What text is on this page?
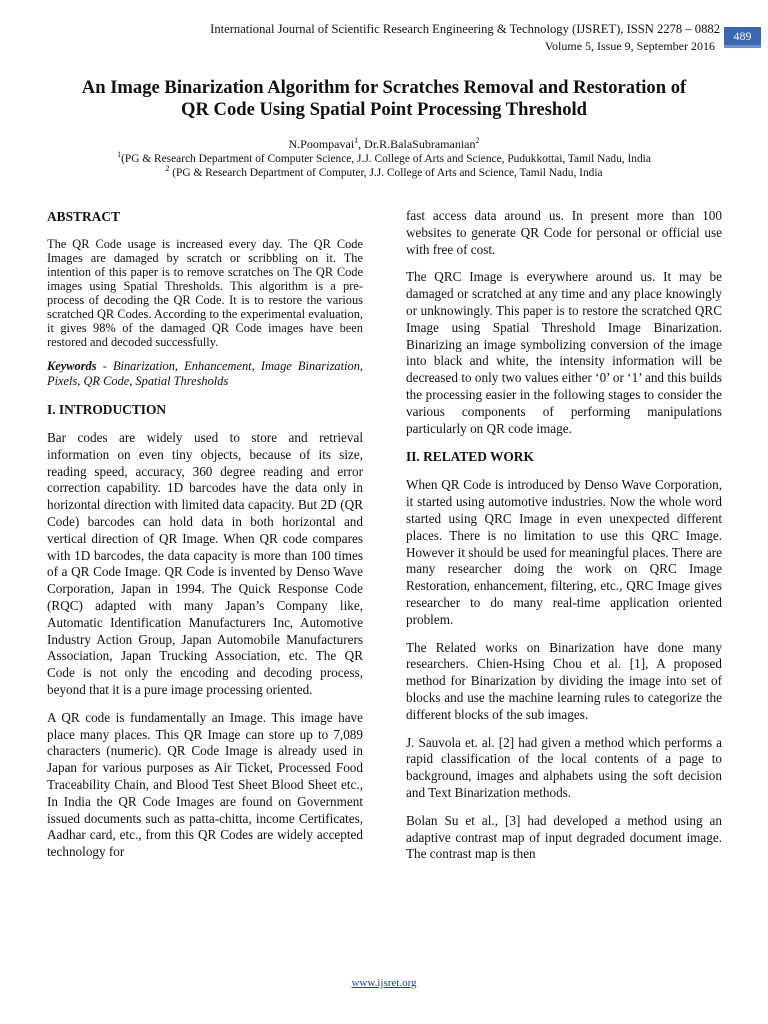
International Journal of Scientific Research Engineering & Technology (IJSRET), ISSN 2278 – 0882
Volume 5, Issue 9, September 2016
489
An Image Binarization Algorithm for Scratches Removal and Restoration of
QR Code Using Spatial Point Processing Threshold
N.Poompavai$^1$, Dr.R.BalaSubramanian$^2$
$^1$(PG & Research Department of Computer Science, J.J. College of Arts and Science, Pudukkottai, Tamil Nadu, India
$^2$ (PG & Research Department of Computer, J.J. College of Arts and Science, Tamil Nadu, India
ABSTRACT

The QR Code usage is increased every day. The QR Code Images are damaged by scratch or scribbling on it. The intention of this paper is to remove scratches on The QR Code images using Spatial Thresholds. This algorithm is a pre-process of decoding the QR Code. It is to restore the various scratched QR Codes. According to the experimental evaluation, it gives 98% of the damaged QR Code images have been restored and decoded successfully.

Keywords - Binarization, Enhancement, Image Binarization, Pixels, QR Code, Spatial Thresholds

I. INTRODUCTION

Bar codes are widely used to store and retrieval information on even tiny objects, because of its size, reading speed, accuracy, 360 degree reading and error correction capability. 1D barcodes have the data only in horizontal direction with limited data capacity. But 2D (QR Code) barcodes can hold data in both horizontal and vertical direction of QR Image. When QR code compares with 1D barcodes, the data capacity is more than 100 times of a QR Code Image. QR Code is invented by Denso Wave Corporation, Japan in 1994. The Quick Response Code (RQC) adapted with many Japan’s Company like, Automatic Identification Manufacturers Inc, Automotive Industry Action Group, Japan Automobile Manufacturers Association, Japan Trucking Association, etc. The QR Code is not only the encoding and decoding process, beyond that it is a pure image processing oriented.

A QR code is fundamentally an Image. This image have place many places. This QR Image can store up to 7,089 characters (numeric). QR Code Image is already used in Japan for various purposes as Air Ticket, Processed Food Traceability Chain, and Blood Test Sheet Blood Sheet etc., In India the QR Code Images are found on Government issued documents such as patta-chitta, income Certificates, Aadhar card, etc., from this QR Codes are widely accepted technology for

fast access data around us. In present more than 100 websites to generate QR Code for personal or official use with free of cost.

The QRC Image is everywhere around us. It may be damaged or scratched at any time and any place knowingly or unknowingly. This paper is to restore the scratched QRC Image using Spatial Threshold Image Binarization. Binarizing an image symbolizing conversion of the image into black and white, the intensity information will be decreased to only two values either ‘0’ or ‘1’ and this builds the processing easier in the following stages to consider the various components of performing manipulations particularly on QR code image.

II. RELATED WORK

When QR Code is introduced by Denso Wave Corporation, it started using automotive industries. Now the whole word started using QRC Image in even unexpected different places. There is no limitation to use this QRC Image. However it should be used for meaningful places. There are many researcher doing the work on QRC Image Restoration, enhancement, filtering, etc., QRC Image gives researcher to do many real-time application oriented problem.

The Related works on Binarization have done many researchers. Chien-Hsing Chou et al. [1], A proposed method for Binarization by dividing the image into set of blocks and use the machine learning rules to categorize the different blocks of the sub images.

J. Sauvola et. al. [2] had given a method which performs a rapid classification of the local contents of a page to background, images and alphabets using the soft decision and Text Binarization methods.

Bolan Su et al., [3] had developed a method using an adaptive contrast map of input degraded document image. The contrast map is then

www.ijsret.org
